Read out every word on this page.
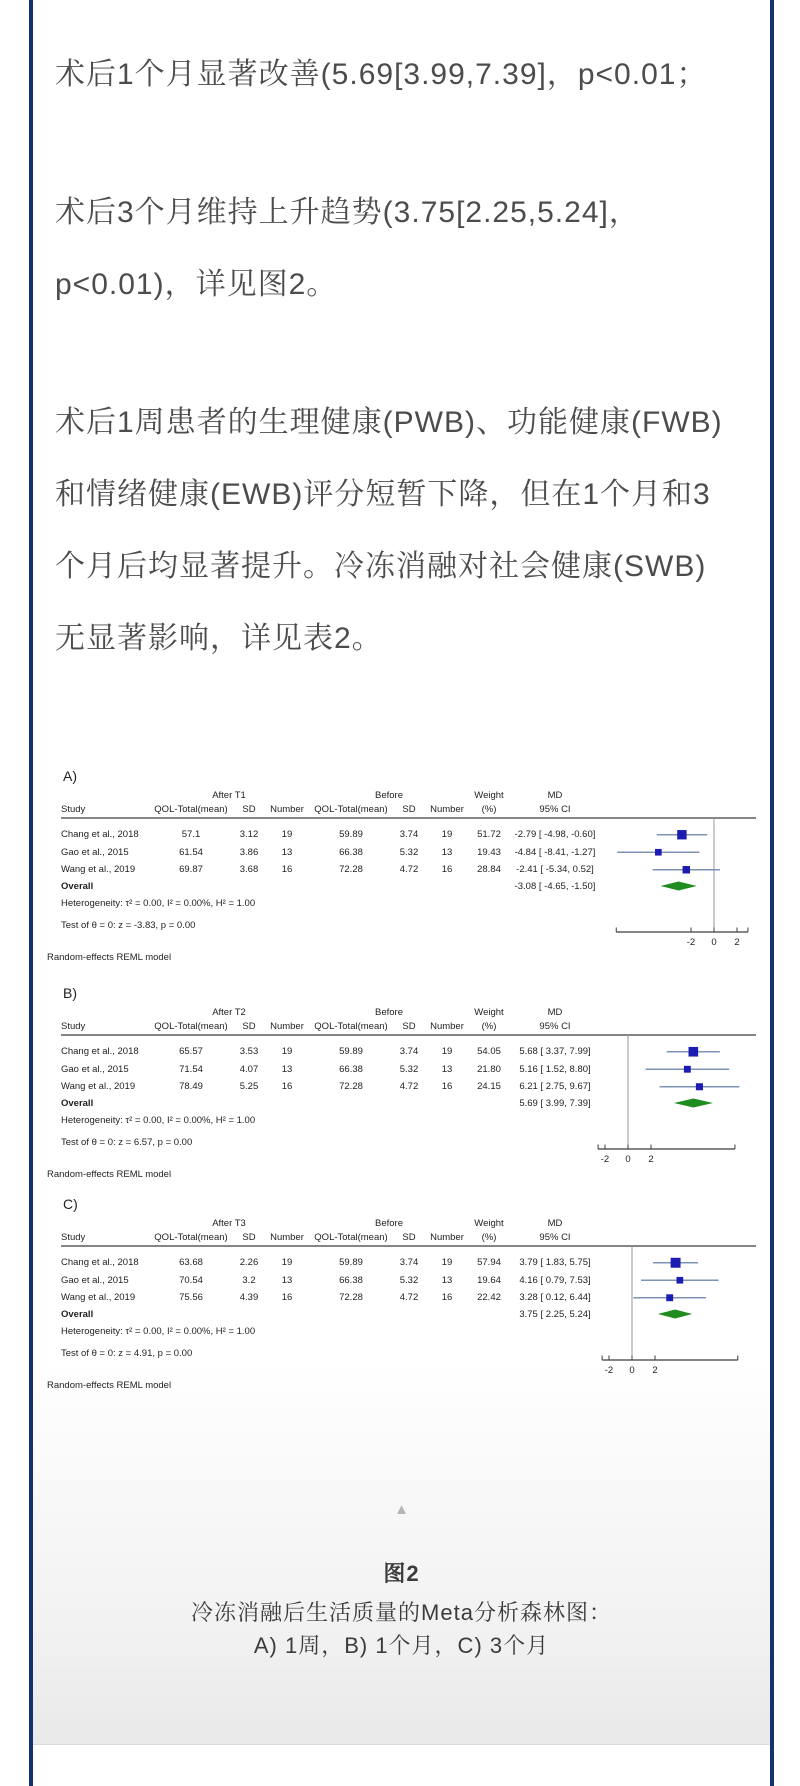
术后1个月显著改善(5.69[3.99,7.39]，p<0.01；
术后3个月维持上升趋势(3.75[2.25,5.24]，
p<0.01)，详见图2。
术后1周患者的生理健康(PWB)、功能健康(FWB)
和情绪健康(EWB)评分短暂下降，但在1个月和3
个月后均显著提升。冷冻消融对社会健康(SWB)
无显著影响，详见表2。
A)
After T1	Before	Weight	MD
Study	QOL-Total(mean)	SD	Number	QOL-Total(mean)	SD	Number	(%)	95% CI
Chang et al., 2018	57.1	3.12	19	59.89	3.74	19	51.72	-2.79 [ -4.98, -0.60]
Gao et al., 2015	61.54	3.86	13	66.38	5.32	13	19.43	-4.84 [ -8.41, -1.27]
Wang et al., 2019	69.87	3.68	16	72.28	4.72	16	28.84	-2.41 [ -5.34, 0.52]
Overall	-3.08 [ -4.65, -1.50]
Heterogeneity: τ² = 0.00, I² = 0.00%, H² = 1.00
Test of θ = 0: z = -3.83, p = 0.00
Random-effects REML model
-2 0 2
B)
After T2	Before	Weight	MD
Study	QOL-Total(mean)	SD	Number	QOL-Total(mean)	SD	Number	(%)	95% CI
Chang et al., 2018	65.57	3.53	19	59.89	3.74	19	54.05	5.68 [ 3.37, 7.99]
Gao et al., 2015	71.54	4.07	13	66.38	5.32	13	21.80	5.16 [ 1.52, 8.80]
Wang et al., 2019	78.49	5.25	16	72.28	4.72	16	24.15	6.21 [ 2.75, 9.67]
Overall	5.69 [ 3.99, 7.39]
Heterogeneity: τ² = 0.00, I² = 0.00%, H² = 1.00
Test of θ = 0: z = 6.57, p = 0.00
Random-effects REML model
-2 0 2
C)
After T3	Before	Weight	MD
Study	QOL-Total(mean)	SD	Number	QOL-Total(mean)	SD	Number	(%)	95% CI
Chang et al., 2018	63.68	2.26	19	59.89	3.74	19	57.94	3.79 [ 1.83, 5.75]
Gao et al., 2015	70.54	3.2	13	66.38	5.32	13	19.64	4.16 [ 0.79, 7.53]
Wang et al., 2019	75.56	4.39	16	72.28	4.72	16	22.42	3.28 [ 0.12, 6.44]
Overall	3.75 [ 2.25, 5.24]
Heterogeneity: τ² = 0.00, I² = 0.00%, H² = 1.00
Test of θ = 0: z = 4.91, p = 0.00
Random-effects REML model
-2 0 2
▲
图2
冷冻消融后生活质量的Meta分析森林图：
A) 1周，B) 1个月，C) 3个月
